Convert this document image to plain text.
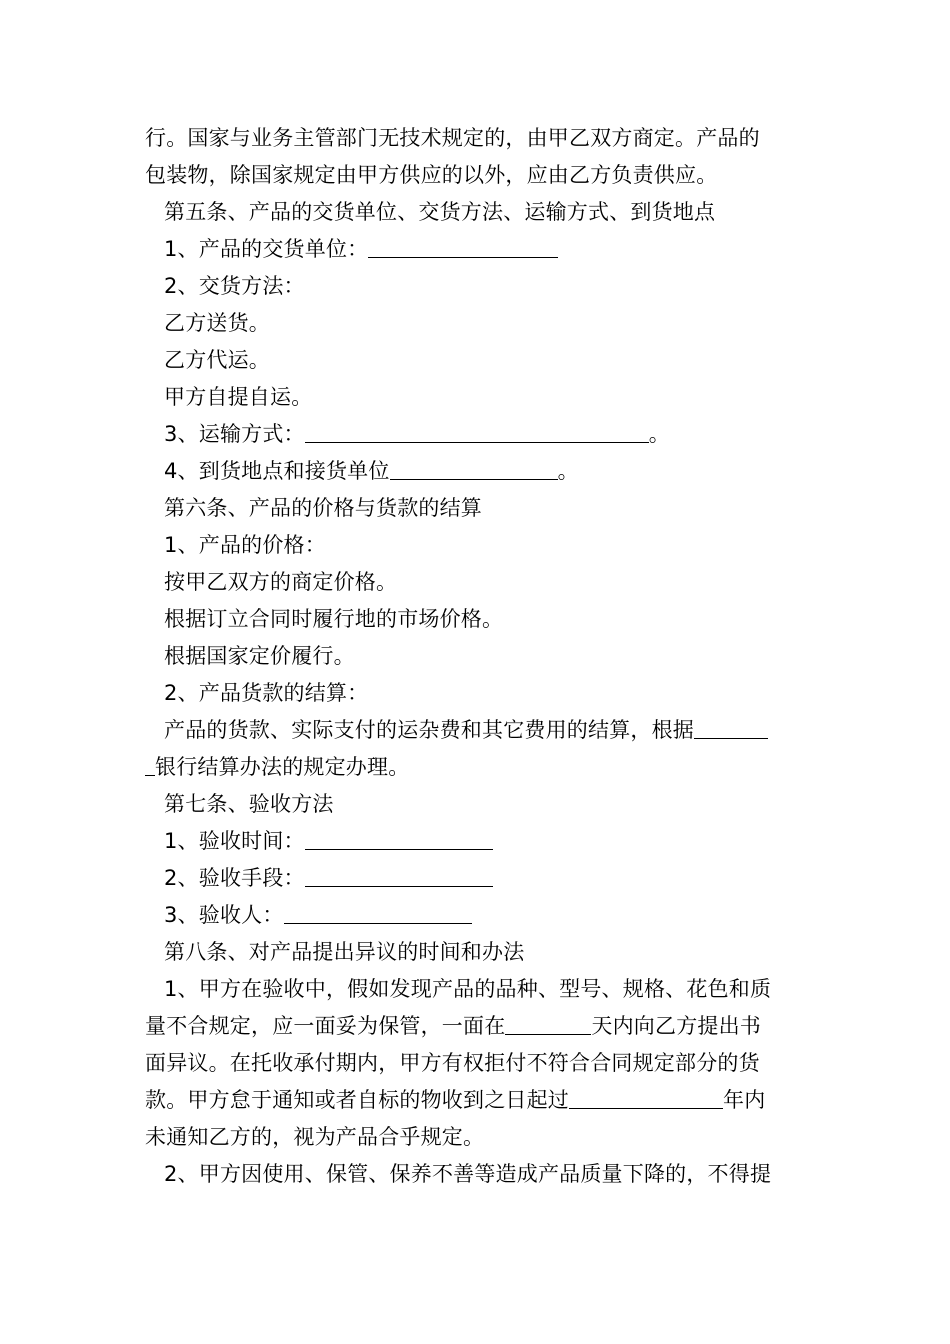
行。国家与业务主管部门无技术规定的，由甲乙双方商定。产品的

包装物，除国家规定由甲方供应的以外，应由乙方负责供应。

第五条、产品的交货单位、交货方法、运输方式、到货地点

1、产品的交货单位：

2、交货方法：

乙方送货。

乙方代运。

甲方自提自运。

3、运输方式：	。

4、到货地点和接货单位	。

第六条、产品的价格与货款的结算

1、产品的价格：

按甲乙双方的商定价格。

根据订立合同时履行地的市场价格。

根据国家定价履行。

2、产品货款的结算：

产品的货款、实际支付的运杂费和其它费用的结算，根据

银行结算办法的规定办理。

第七条、验收方法

1、验收时间：

2、验收手段：

3、验收人：

第八条、对产品提出异议的时间和办法

1、甲方在验收中，假如发现产品的品种、型号、规格、花色和质

量不合规定，应一面妥为保管，一面在	天内向乙方提出书

面异议。在托收承付期内，甲方有权拒付不符合合同规定部分的货

款。甲方怠于通知或者自标的物收到之日起过	年内

未通知乙方的，视为产品合乎规定。

2、甲方因使用、保管、保养不善等造成产品质量下降的，不得提
